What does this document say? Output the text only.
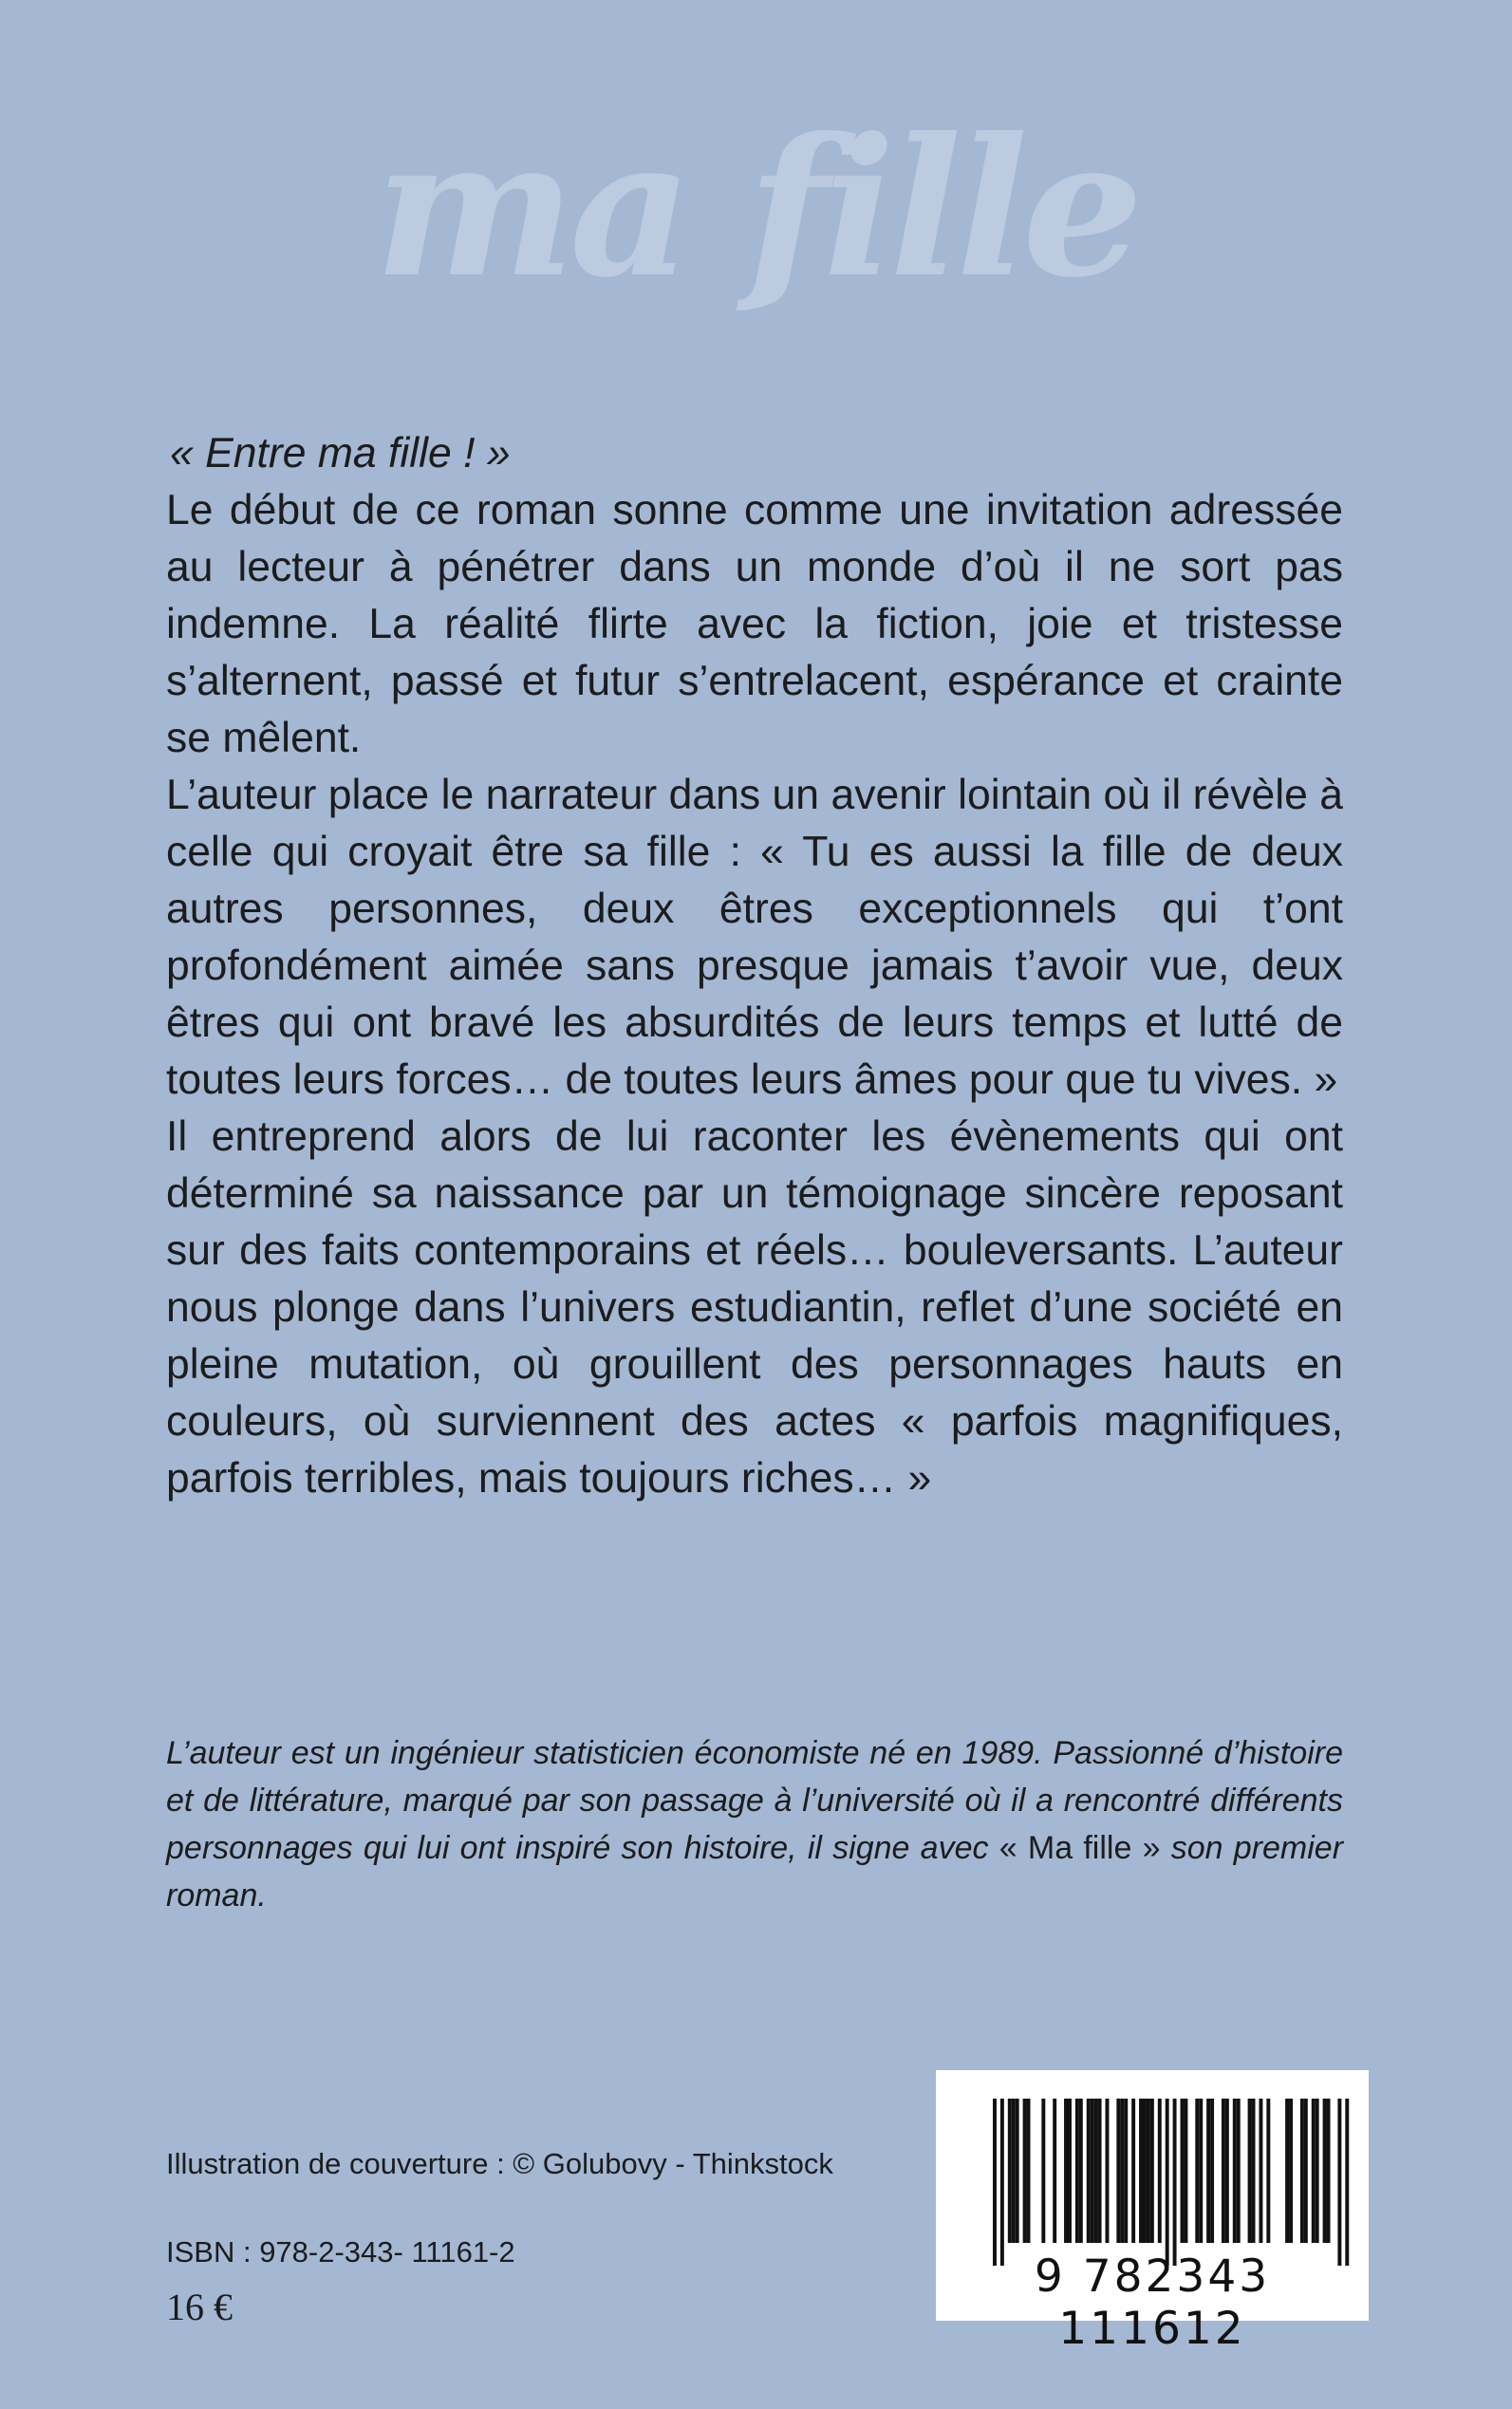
ma fille

« Entre ma fille ! »

Le début de ce roman sonne comme une invitation adressée au lecteur à pénétrer dans un monde d’où il ne sort pas indemne. La réalité flirte avec la fiction, joie et tristesse s’alternent, passé et futur s’entrelacent, espérance et crainte se mêlent.

L’auteur place le narrateur dans un avenir lointain où il révèle à celle qui croyait être sa fille : « Tu es aussi la fille de deux autres personnes, deux êtres exceptionnels qui t’ont profondément aimée sans presque jamais t’avoir vue, deux êtres qui ont bravé les absurdités de leurs temps et lutté de toutes leurs forces… de toutes leurs âmes pour que tu vives. »

Il entreprend alors de lui raconter les évènements qui ont déterminé sa naissance par un témoignage sincère reposant sur des faits contemporains et réels… bouleversants. L’auteur nous plonge dans l’univers estudiantin, reflet d’une société en pleine mutation, où grouillent des personnages hauts en couleurs, où surviennent des actes « parfois magnifiques, parfois terribles, mais toujours riches… »

L’auteur est un ingénieur statisticien économiste né en 1989. Passionné d’histoire et de littérature, marqué par son passage à l’université où il a rencontré différents personnages qui lui ont inspiré son histoire, il signe avec « Ma fille » son premier roman.
Illustration de couverture : © Golubovy - Thinkstock
ISBN : 978-2-343- 11161-2
16 €
9 782343 111612
